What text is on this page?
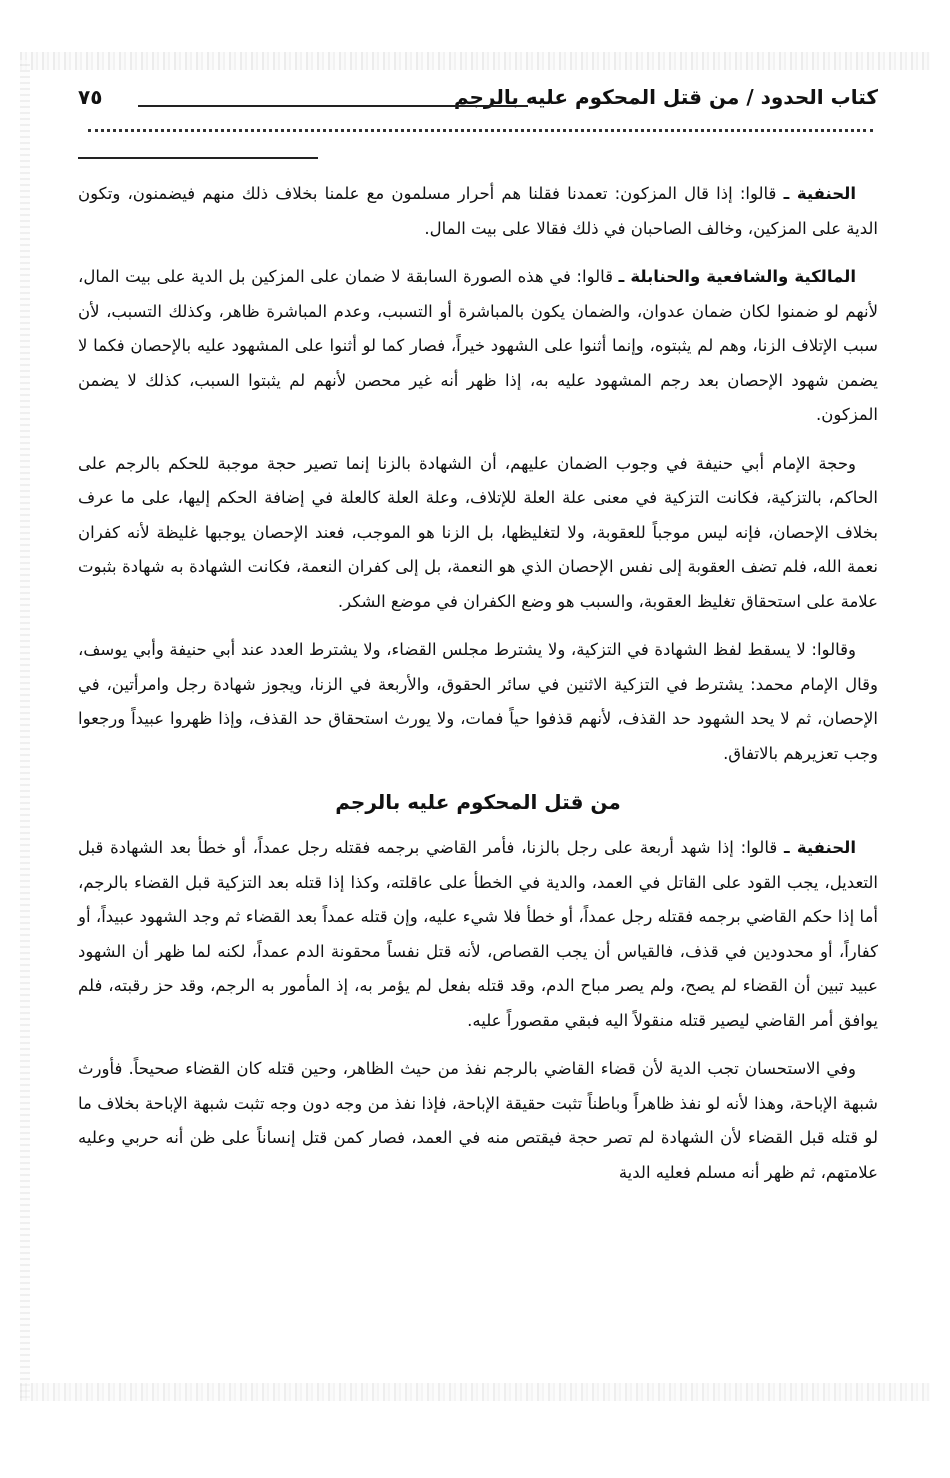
كتاب الحدود / من قتل المحكوم عليه بالرجم
٧٥

الحنفية ـ قالوا: إذا قال المزكون: تعمدنا فقلنا هم أحرار مسلمون مع علمنا بخلاف ذلك منهم فيضمنون، وتكون الدية على المزكين، وخالف الصاحبان في ذلك فقالا على بيت المال.

المالكية والشافعية والحنابلة ـ قالوا: في هذه الصورة السابقة لا ضمان على المزكين بل الدية على بيت المال، لأنهم لو ضمنوا لكان ضمان عدوان، والضمان يكون بالمباشرة أو التسبب، وعدم المباشرة ظاهر، وكذلك التسبب، لأن سبب الإتلاف الزنا، وهم لم يثبتوه، وإنما أثنوا على الشهود خيراً، فصار كما لو أثنوا على المشهود عليه بالإحصان فكما لا يضمن شهود الإحصان بعد رجم المشهود عليه به، إذا ظهر أنه غير محصن لأنهم لم يثبتوا السبب، كذلك لا يضمن المزكون.

وحجة الإمام أبي حنيفة في وجوب الضمان عليهم، أن الشهادة بالزنا إنما تصير حجة موجبة للحكم بالرجم على الحاكم، بالتزكية، فكانت التزكية في معنى علة العلة للإتلاف، وعلة العلة كالعلة في إضافة الحكم إليها، على ما عرف بخلاف الإحصان، فإنه ليس موجباً للعقوبة، ولا لتغليظها، بل الزنا هو الموجب، فعند الإحصان يوجبها غليظة لأنه كفران نعمة الله، فلم تضف العقوبة إلى نفس الإحصان الذي هو النعمة، بل إلى كفران النعمة، فكانت الشهادة به شهادة بثبوت علامة على استحقاق تغليظ العقوبة، والسبب هو وضع الكفران في موضع الشكر.

وقالوا: لا يسقط لفظ الشهادة في التزكية، ولا يشترط مجلس القضاء، ولا يشترط العدد عند أبي حنيفة وأبي يوسف، وقال الإمام محمد: يشترط في التزكية الاثنين في سائر الحقوق، والأربعة في الزنا، ويجوز شهادة رجل وامرأتين، في الإحصان، ثم لا يحد الشهود حد القذف، لأنهم قذفوا حياً فمات، ولا يورث استحقاق حد القذف، وإذا ظهروا عبيداً ورجعوا وجب تعزيرهم بالاتفاق.

من قتل المحكوم عليه بالرجم

الحنفية ـ قالوا: إذا شهد أربعة على رجل بالزنا، فأمر القاضي برجمه فقتله رجل عمداً، أو خطأ بعد الشهادة قبل التعديل، يجب القود على القاتل في العمد، والدية في الخطأ على عاقلته، وكذا إذا قتله بعد التزكية قبل القضاء بالرجم، أما إذا حكم القاضي برجمه فقتله رجل عمداً، أو خطأ فلا شيء عليه، وإن قتله عمداً بعد القضاء ثم وجد الشهود عبيداً، أو كفاراً، أو محدودين في قذف، فالقياس أن يجب القصاص، لأنه قتل نفساً محقونة الدم عمداً، لكنه لما ظهر أن الشهود عبيد تبين أن القضاء لم يصح، ولم يصر مباح الدم، وقد قتله بفعل لم يؤمر به، إذ المأمور به الرجم، وقد حز رقبته، فلم يوافق أمر القاضي ليصير قتله منقولاً اليه فبقي مقصوراً عليه.

وفي الاستحسان تجب الدية لأن قضاء القاضي بالرجم نفذ من حيث الظاهر، وحين قتله كان القضاء صحيحاً. فأورث شبهة الإباحة، وهذا لأنه لو نفذ ظاهراً وباطناً تثبت حقيقة الإباحة، فإذا نفذ من وجه دون وجه تثبت شبهة الإباحة بخلاف ما لو قتله قبل القضاء لأن الشهادة لم تصر حجة فيقتص منه في العمد، فصار كمن قتل إنساناً على ظن أنه حربي وعليه علامتهم، ثم ظهر أنه مسلم فعليه الدية
